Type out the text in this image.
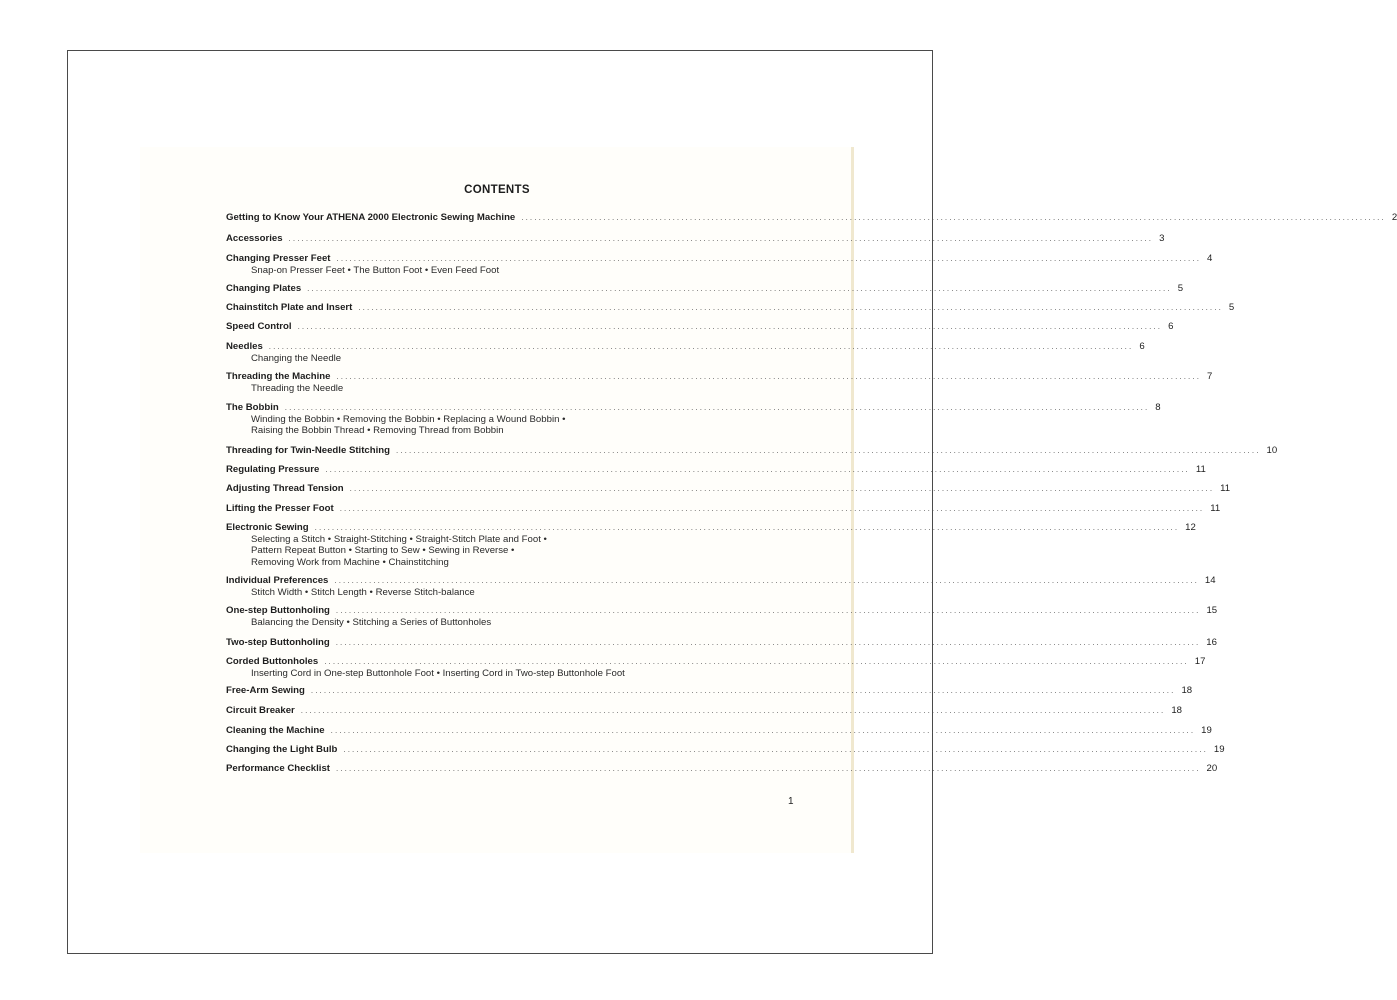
CONTENTS
Getting to Know Your ATHENA 2000 Electronic Sewing Machine ........................................................................................................................................................................................................ 2
Accessories ........................................................................................................................................................................................................ 3
Changing Presser Feet ........................................................................................................................................................................................................ 4
Snap-on Presser Feet • The Button Foot • Even Feed Foot
Changing Plates ........................................................................................................................................................................................................ 5
Chainstitch Plate and Insert ........................................................................................................................................................................................................ 5
Speed Control ........................................................................................................................................................................................................ 6
Needles ........................................................................................................................................................................................................ 6
Changing the Needle
Threading the Machine ........................................................................................................................................................................................................ 7
Threading the Needle
The Bobbin ........................................................................................................................................................................................................ 8
Winding the Bobbin • Removing the Bobbin • Replacing a Wound Bobbin •
Raising the Bobbin Thread • Removing Thread from Bobbin
Threading for Twin-Needle Stitching ........................................................................................................................................................................................................ 10
Regulating Pressure ........................................................................................................................................................................................................ 11
Adjusting Thread Tension ........................................................................................................................................................................................................ 11
Lifting the Presser Foot ........................................................................................................................................................................................................ 11
Electronic Sewing ........................................................................................................................................................................................................ 12
Selecting a Stitch • Straight-Stitching • Straight-Stitch Plate and Foot •
Pattern Repeat Button • Starting to Sew • Sewing in Reverse •
Removing Work from Machine • Chainstitching
Individual Preferences ........................................................................................................................................................................................................ 14
Stitch Width • Stitch Length • Reverse Stitch-balance
One-step Buttonholing ........................................................................................................................................................................................................ 15
Balancing the Density • Stitching a Series of Buttonholes
Two-step Buttonholing ........................................................................................................................................................................................................ 16
Corded Buttonholes ........................................................................................................................................................................................................ 17
Inserting Cord in One-step Buttonhole Foot • Inserting Cord in Two-step Buttonhole Foot
Free-Arm Sewing ........................................................................................................................................................................................................ 18
Circuit Breaker ........................................................................................................................................................................................................ 18
Cleaning the Machine ........................................................................................................................................................................................................ 19
Changing the Light Bulb ........................................................................................................................................................................................................ 19
Performance Checklist ........................................................................................................................................................................................................ 20
1
